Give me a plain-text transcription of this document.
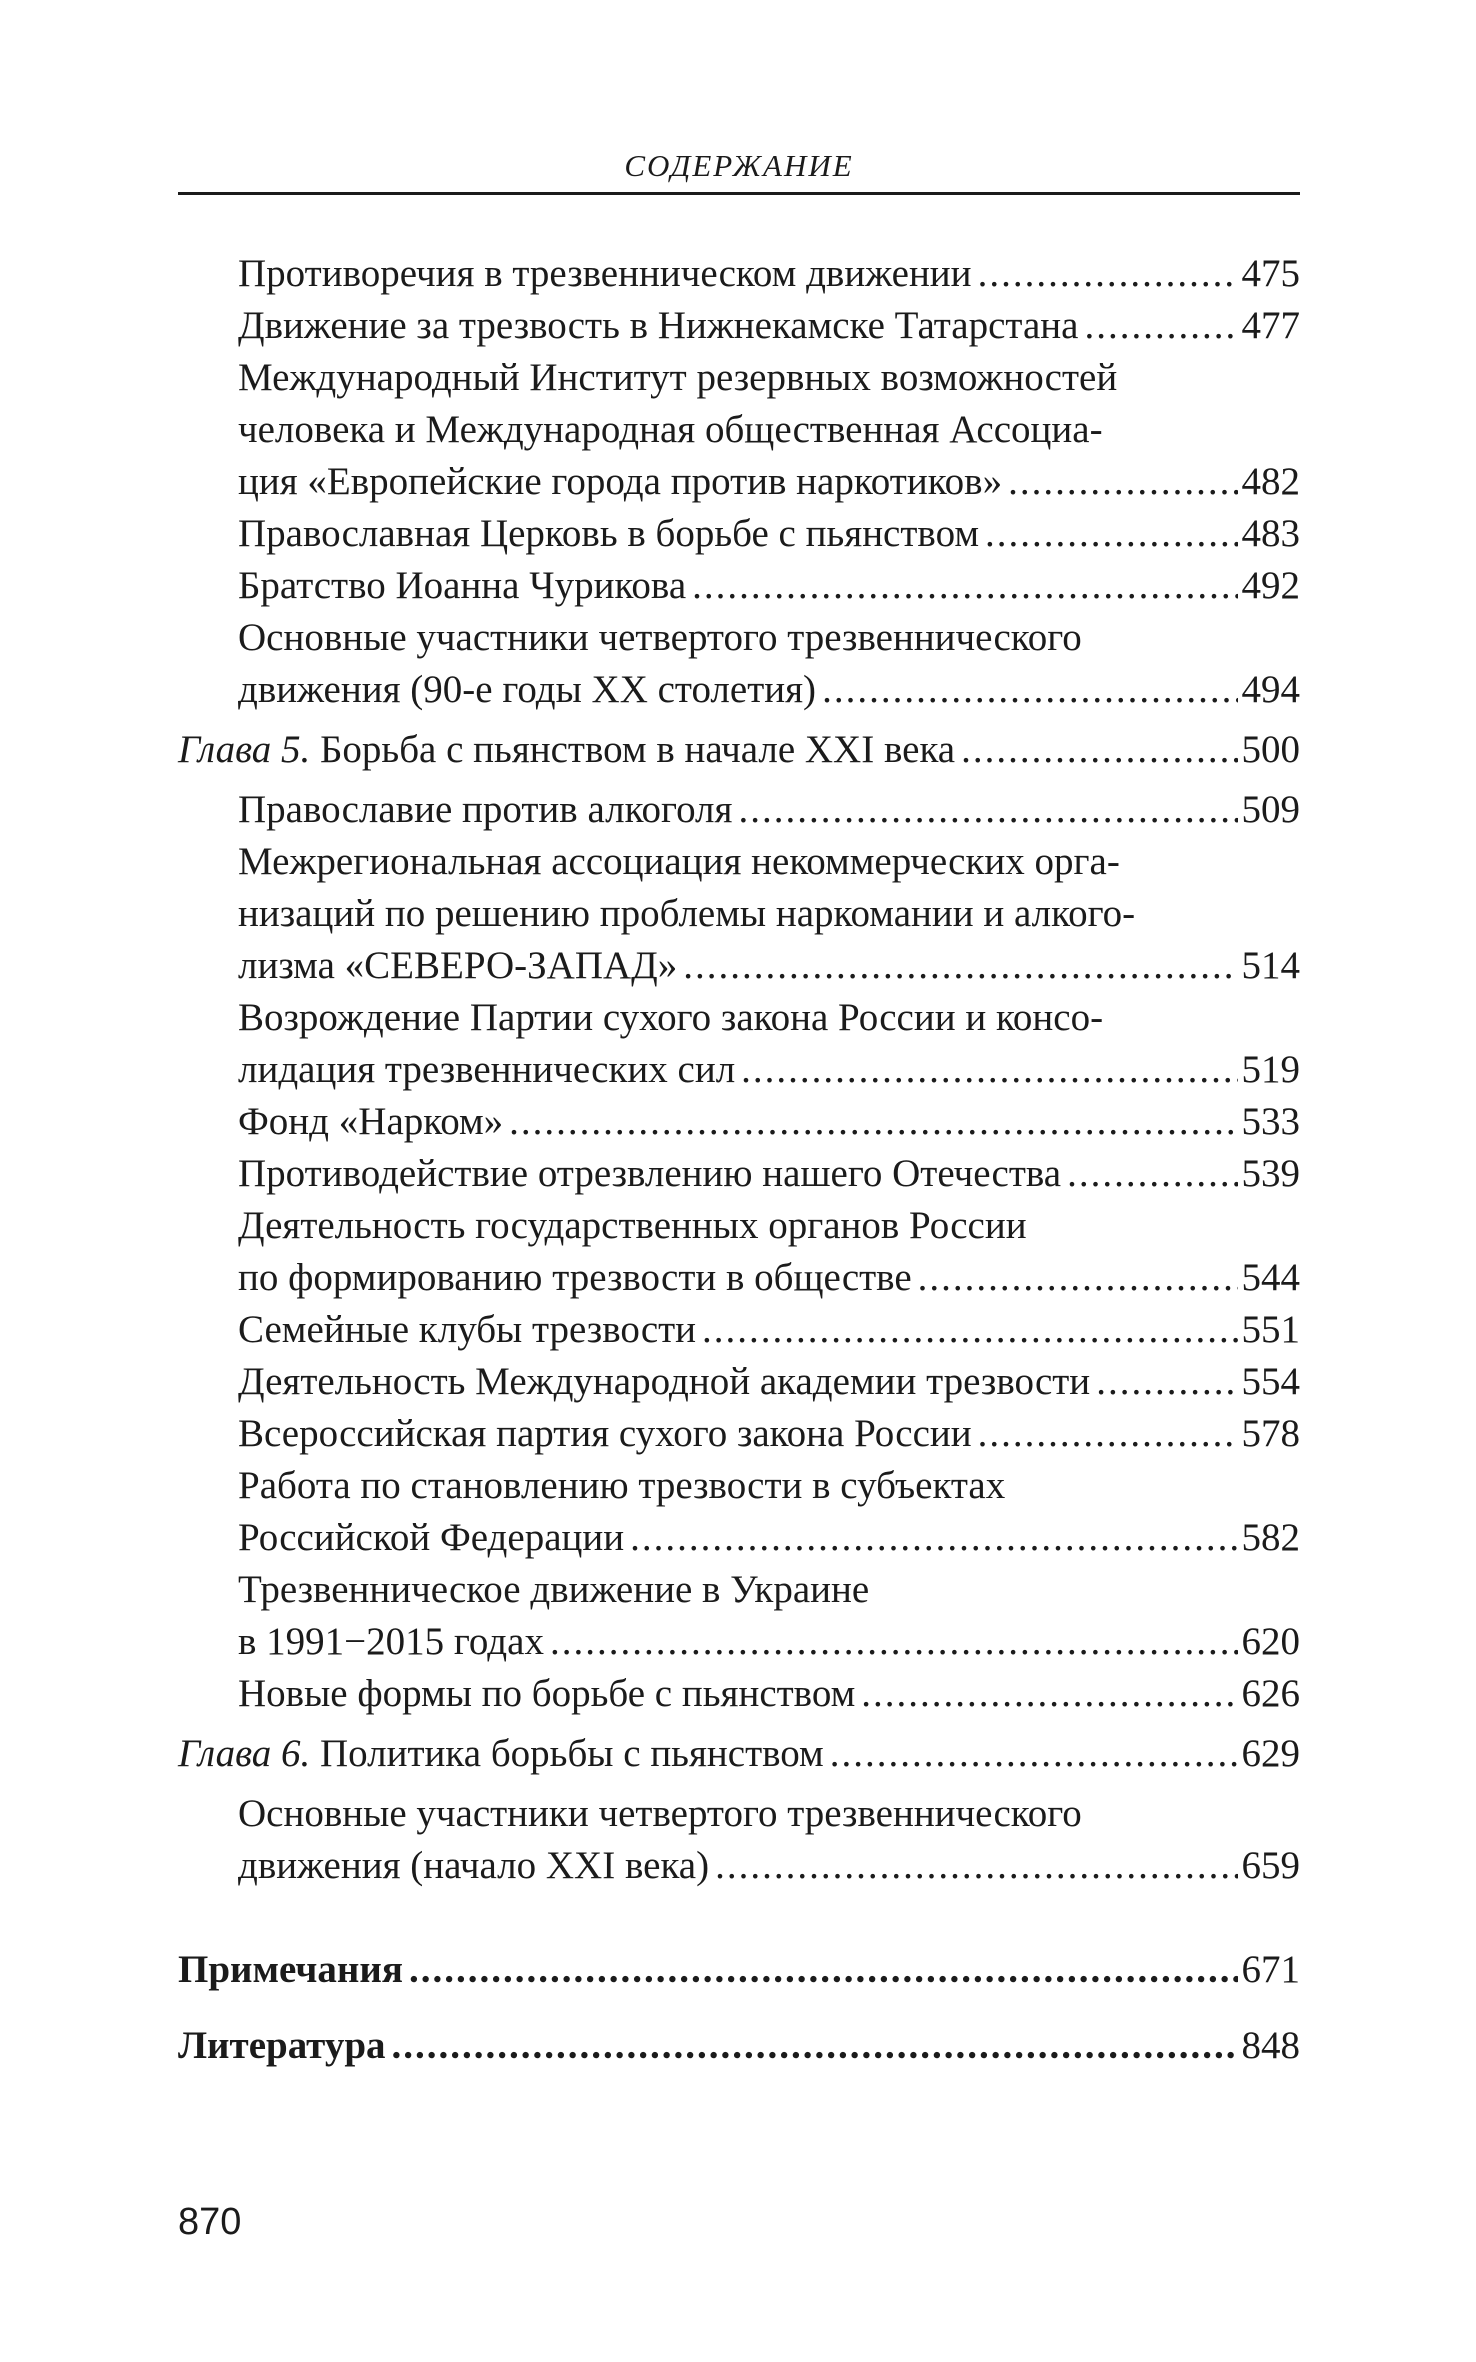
СОДЕРЖАНИЕ
Противоречия в трезвенническом движении .....	475
Движение за трезвость в Нижнекамске Татарстана .....	477
Международный Институт резервных возможностей
человека и Международная общественная Ассоциа-
ция «Европейские города против наркотиков» .....	482
Православная Церковь в борьбе с пьянством .....	483
Братство Иоанна Чурикова .....	492
Основные участники четвертого трезвеннического
движения (90-е годы XX столетия) .....	494
Глава 5. Борьба с пьянством в начале XXI века .....	500
Православие против алкоголя .....	509
Межрегиональная ассоциация некоммерческих орга-
низаций по решению проблемы наркомании и алкого-
лизма «СЕВЕРО-ЗАПАД» .....	514
Возрождение Партии сухого закона России и консо-
лидация трезвеннических сил .....	519
Фонд «Нарком» .....	533
Противодействие отрезвлению нашего Отечества .....	539
Деятельность государственных органов России
по формированию трезвости в обществе .....	544
Семейные клубы трезвости .....	551
Деятельность Международной академии трезвости .....	554
Всероссийская партия сухого закона России .....	578
Работа по становлению трезвости в субъектах
Российской Федерации .....	582
Трезвенническое движение в Украине
в 1991−2015 годах .....	620
Новые формы по борьбе с пьянством .....	626
Глава 6. Политика борьбы с пьянством .....	629
Основные участники четвертого трезвеннического
движения (начало XXI века) .....	659
Примечания .....	671
Литература .....	848
870
